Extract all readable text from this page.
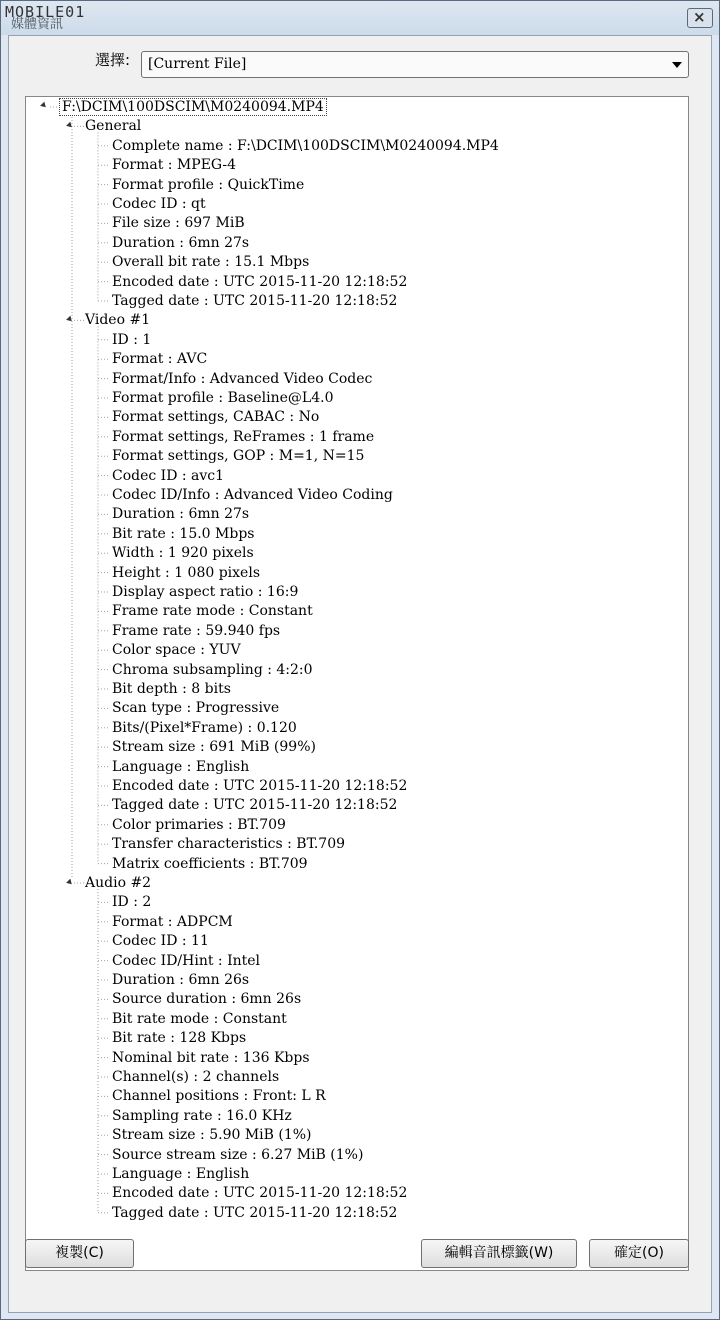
媒體資訊
MOBILE01	×
選擇: [Current File]
F:\DCIM\100DSCIM\M0240094.MP4
General
Complete name : F:\DCIM\100DSCIM\M0240094.MP4
Format : MPEG-4
Format profile : QuickTime
Codec ID : qt
File size : 697 MiB
Duration : 6mn 27s
Overall bit rate : 15.1 Mbps
Encoded date : UTC 2015-11-20 12:18:52
Tagged date : UTC 2015-11-20 12:18:52
Video #1
ID : 1
Format : AVC
Format/Info : Advanced Video Codec
Format profile : Baseline@L4.0
Format settings, CABAC : No
Format settings, ReFrames : 1 frame
Format settings, GOP : M=1, N=15
Codec ID : avc1
Codec ID/Info : Advanced Video Coding
Duration : 6mn 27s
Bit rate : 15.0 Mbps
Width : 1 920 pixels
Height : 1 080 pixels
Display aspect ratio : 16:9
Frame rate mode : Constant
Frame rate : 59.940 fps
Color space : YUV
Chroma subsampling : 4:2:0
Bit depth : 8 bits
Scan type : Progressive
Bits/(Pixel*Frame) : 0.120
Stream size : 691 MiB (99%)
Language : English
Encoded date : UTC 2015-11-20 12:18:52
Tagged date : UTC 2015-11-20 12:18:52
Color primaries : BT.709
Transfer characteristics : BT.709
Matrix coefficients : BT.709
Audio #2
ID : 2
Format : ADPCM
Codec ID : 11
Codec ID/Hint : Intel
Duration : 6mn 26s
Source duration : 6mn 26s
Bit rate mode : Constant
Bit rate : 128 Kbps
Nominal bit rate : 136 Kbps
Channel(s) : 2 channels
Channel positions : Front: L R
Sampling rate : 16.0 KHz
Stream size : 5.90 MiB (1%)
Source stream size : 6.27 MiB (1%)
Language : English
Encoded date : UTC 2015-11-20 12:18:52
Tagged date : UTC 2015-11-20 12:18:52
複製(C)	編輯音訊標籤(W)	確定(O)
